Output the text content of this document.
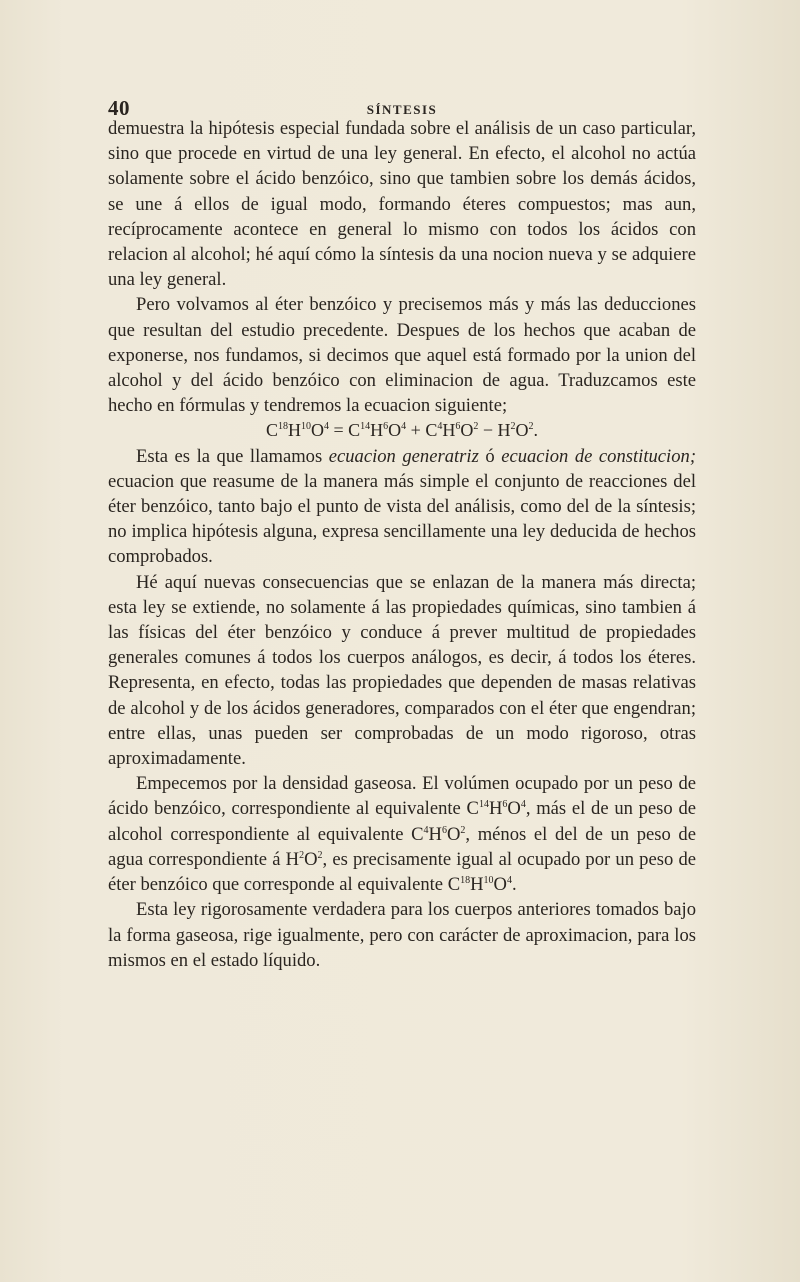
40	SÍNTESIS

demuestra la hipótesis especial fundada sobre el análisis de un caso particular, sino que procede en virtud de una ley general. En efecto, el alcohol no actúa solamente sobre el ácido benzóico, sino que tambien sobre los demás ácidos, se une á ellos de igual modo, formando éteres compuestos; mas aun, recíprocamente acontece en general lo mismo con todos los ácidos con relacion al alcohol; hé aquí cómo la síntesis da una nocion nueva y se adquiere una ley general.

Pero volvamos al éter benzóico y precisemos más y más las deducciones que resultan del estudio precedente. Despues de los hechos que acaban de exponerse, nos fundamos, si decimos que aquel está formado por la union del alcohol y del ácido benzóico con eliminacion de agua. Traduzcamos este hecho en fórmulas y tendremos la ecuacion siguiente;

$C^{18}H^{10}O^4 = C^{14}H^6O^4 + C^4H^6O^2 - H^2O^2$.

Esta es la que llamamos ecuacion generatriz ó ecuacion de constitucion; ecuacion que reasume de la manera más simple el conjunto de reacciones del éter benzóico, tanto bajo el punto de vista del análisis, como del de la síntesis; no implica hipótesis alguna, expresa sencillamente una ley deducida de hechos comprobados.

Hé aquí nuevas consecuencias que se enlazan de la manera más directa; esta ley se extiende, no solamente á las propiedades químicas, sino tambien á las físicas del éter benzóico y conduce á prever multitud de propiedades generales comunes á todos los cuerpos análogos, es decir, á todos los éteres. Representa, en efecto, todas las propiedades que dependen de masas relativas de alcohol y de los ácidos generadores, comparados con el éter que engendran; entre ellas, unas pueden ser comprobadas de un modo rigoroso, otras aproximadamente.

Empecemos por la densidad gaseosa. El volúmen ocupado por un peso de ácido benzóico, correspondiente al equivalente $C^{14}H^6O^4$, más el de un peso de alcohol correspondiente al equivalente $C^4H^6O^2$, ménos el del de un peso de agua correspondiente á $H^2O^2$, es precisamente igual al ocupado por un peso de éter benzóico que corresponde al equivalente $C^{18}H^{10}O^4$.

Esta ley rigorosamente verdadera para los cuerpos anteriores tomados bajo la forma gaseosa, rige igualmente, pero con carácter de aproximacion, para los mismos en el estado líquido.
